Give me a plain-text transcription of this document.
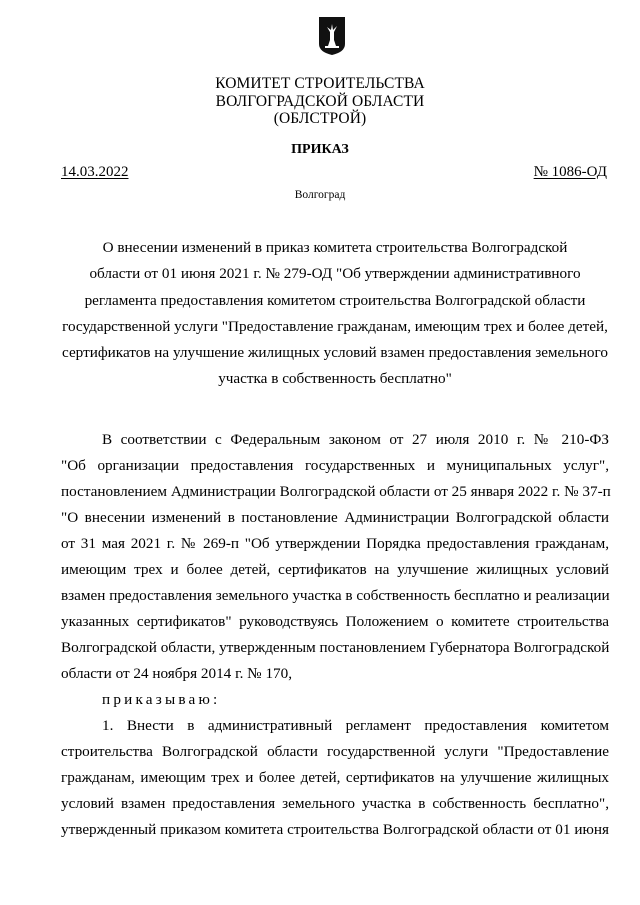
КОМИТЕТ СТРОИТЕЛЬСТВА
ВОЛГОГРАДСКОЙ ОБЛАСТИ
(ОБЛСТРОЙ)
ПРИКАЗ
14.03.2022	№ 1086-ОД
Волгоград
О внесении изменений в приказ комитета строительства Волгоградской
области от 01 июня 2021 г. № 279-ОД "Об утверждении административного
регламента предоставления комитетом строительства Волгоградской области
государственной услуги "Предоставление гражданам, имеющим трех и более детей,
сертификатов на улучшение жилищных условий взамен предоставления земельного
участка в собственность бесплатно"
В соответствии с Федеральным законом от 27 июля 2010 г. № 210-ФЗ
"Об организации предоставления государственных и муниципальных услуг",
постановлением Администрации Волгоградской области от 25 января 2022 г. № 37-п
"О внесении изменений в постановление Администрации Волгоградской области
от 31 мая 2021 г. № 269-п "Об утверждении Порядка предоставления гражданам,
имеющим трех и более детей, сертификатов на улучшение жилищных условий
взамен предоставления земельного участка в собственность бесплатно и реализации
указанных сертификатов" руководствуясь Положением о комитете строительства
Волгоградской области, утвержденным постановлением Губернатора Волгоградской
области от 24 ноября 2014 г. № 170,
приказываю:
1. Внести в административный регламент предоставления комитетом
строительства Волгоградской области государственной услуги "Предоставление
гражданам, имеющим трех и более детей, сертификатов на улучшение жилищных
условий взамен предоставления земельного участка в собственность бесплатно",
утвержденный приказом комитета строительства Волгоградской области от 01 июня
